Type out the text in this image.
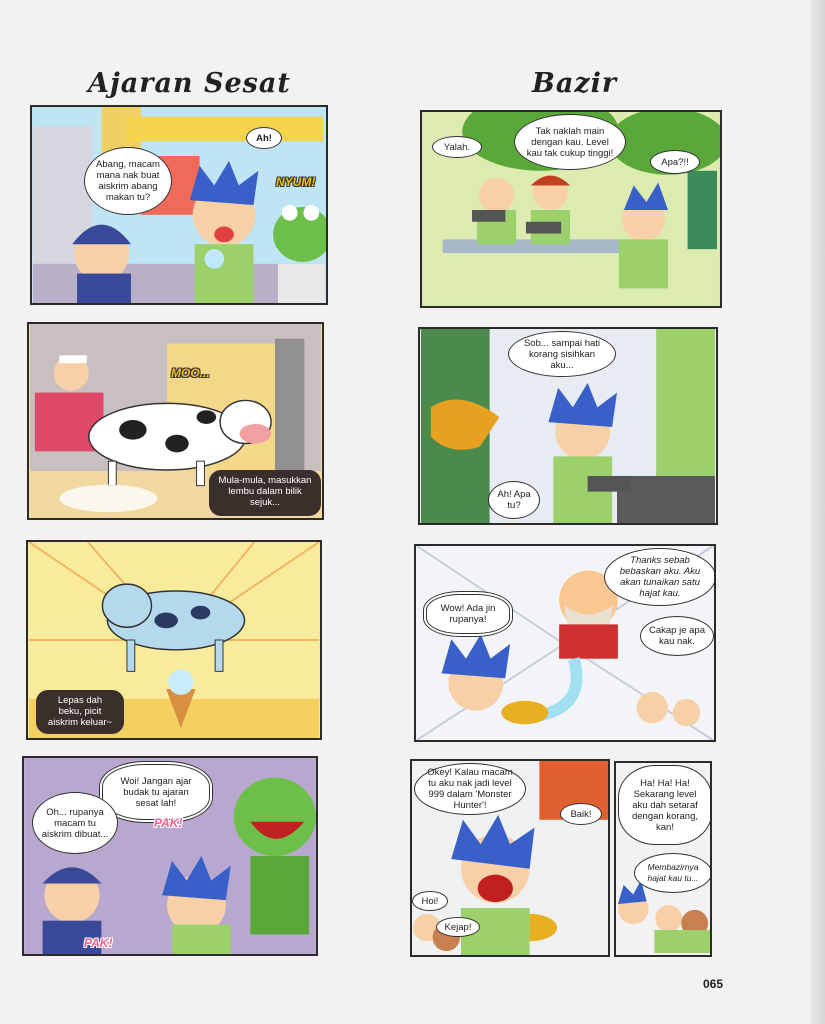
Ajaran Sesat	Bazir
Abang, macam mana nak buat aiskrim abang makan tu?
Ah!
NYUM!
MOO...
Mula-mula, masukkan lembu dalam bilik sejuk...
Lepas dah beku, picit aiskrim keluar~
Woi! Jangan ajar budak tu ajaran sesat lah!
Oh... rupanya macam tu aiskrim dibuat...
PAK!
PAK!
Tak naklah main dengan kau. Level kau tak cukup tinggi!
Yalah.
Apa?!!
Sob... sampai hati korang sisihkan aku...
Ah! Apa tu?
Thanks sebab bebaskan aku. Aku akan tunaikan satu hajat kau.
Wow! Ada jin rupanya!
Cakap je apa kau nak.
Okey! Kalau macam tu aku nak jadi level 999 dalam 'Monster Hunter'!
Baik!
Hoi!
Kejap!
Ha! Ha! Ha! Sekarang level aku dah setaraf dengan korang, kan!
Membazirnya hajat kau tu...
065
